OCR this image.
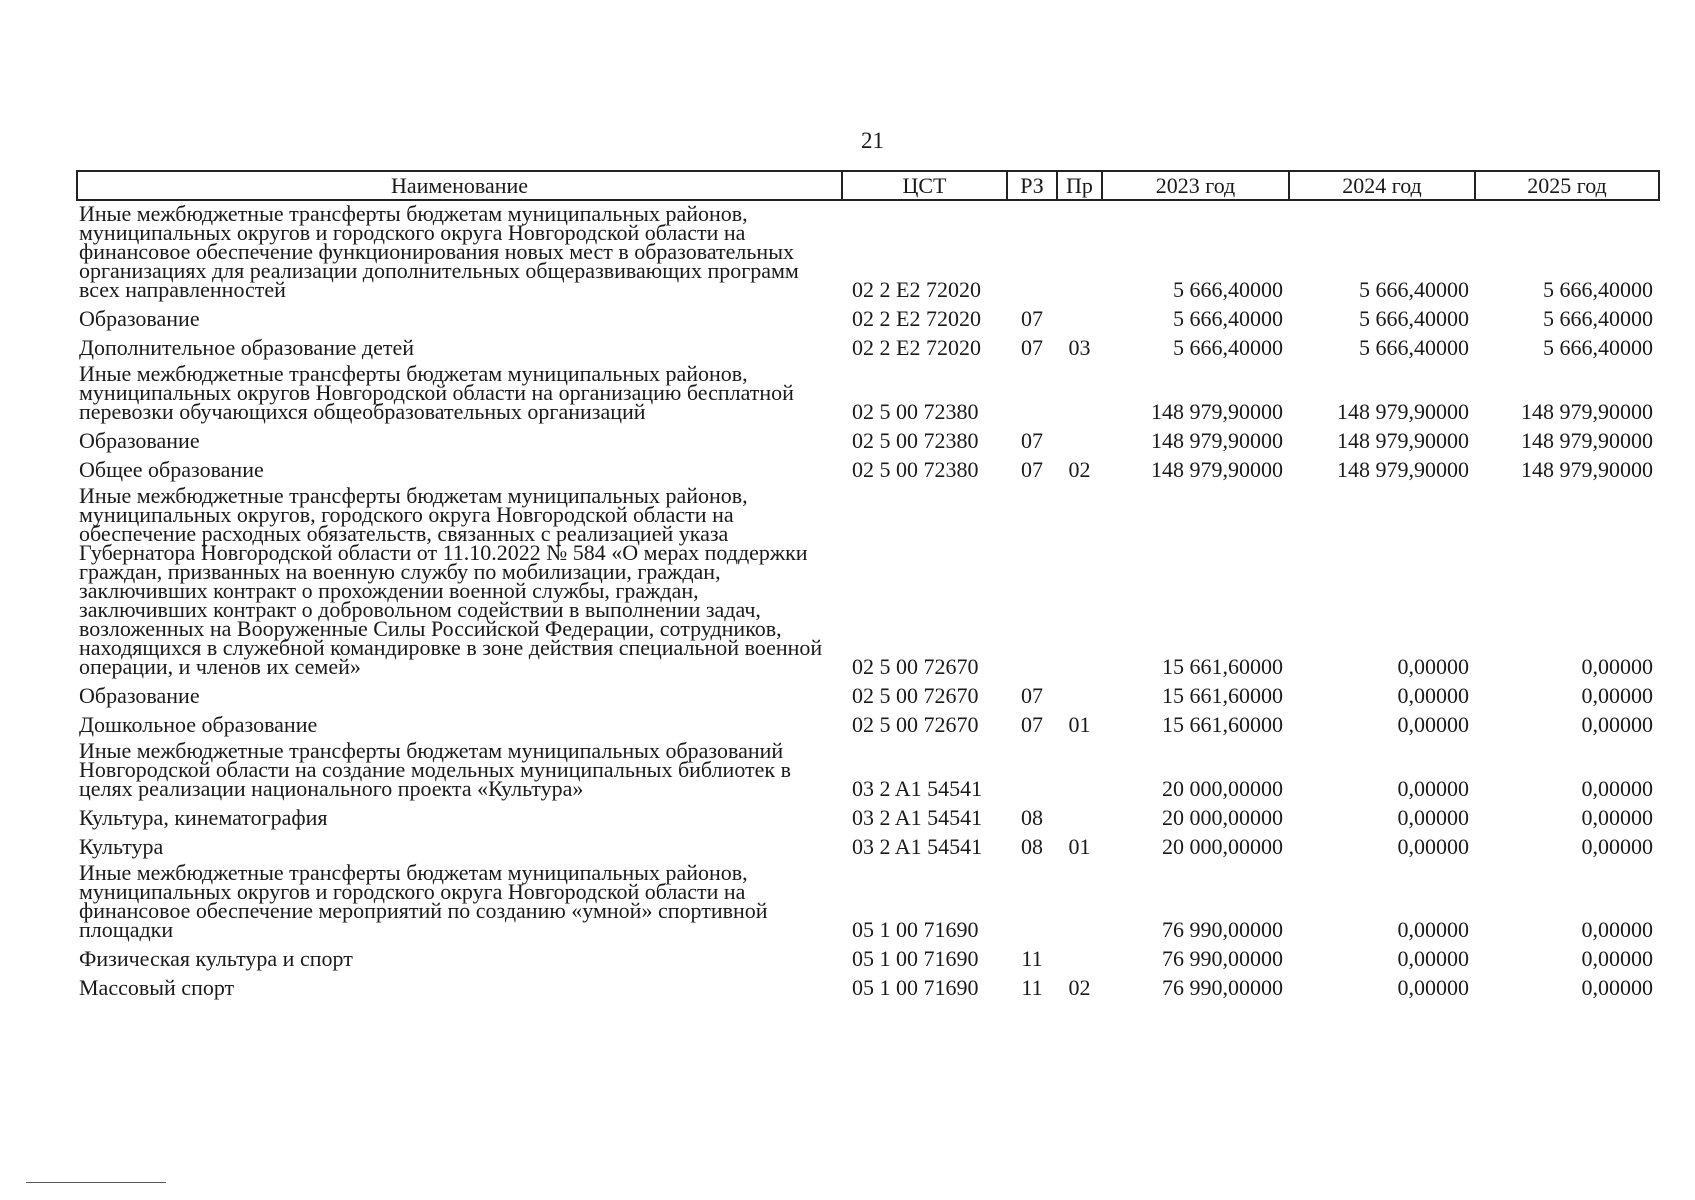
21
Наименование	ЦСТ	РЗ	Пр	2023 год	2024 год	2025 год
Иные межбюджетные трансферты бюджетам муниципальных районов, муниципальных округов и городского округа Новгородской области на финансовое обеспечение функционирования новых мест в образовательных организациях для реализации дополнительных общеразвивающих программ всех направленностей	02 2 E2 72020			5 666,40000	5 666,40000	5 666,40000
Образование	02 2 E2 72020	07		5 666,40000	5 666,40000	5 666,40000
Дополнительное образование детей	02 2 E2 72020	07	03	5 666,40000	5 666,40000	5 666,40000
Иные межбюджетные трансферты бюджетам муниципальных районов, муниципальных округов Новгородской области на организацию бесплатной перевозки обучающихся общеобразовательных организаций	02 5 00 72380			148 979,90000	148 979,90000	148 979,90000
Образование	02 5 00 72380	07		148 979,90000	148 979,90000	148 979,90000
Общее образование	02 5 00 72380	07	02	148 979,90000	148 979,90000	148 979,90000
Иные межбюджетные трансферты бюджетам муниципальных районов, муниципальных округов, городского округа Новгородской области на обеспечение расходных обязательств, связанных с реализацией указа Губернатора Новгородской области от 11.10.2022 № 584 «О мерах поддержки граждан, призванных на военную службу по мобилизации, граждан, заключивших контракт о прохождении военной службы, граждан, заключивших контракт о добровольном содействии в выполнении задач, возложенных на Вооруженные Силы Российской Федерации, сотрудников, находящихся в служебной командировке в зоне действия специальной военной операции, и членов их семей»	02 5 00 72670			15 661,60000	0,00000	0,00000
Образование	02 5 00 72670	07		15 661,60000	0,00000	0,00000
Дошкольное образование	02 5 00 72670	07	01	15 661,60000	0,00000	0,00000
Иные межбюджетные трансферты бюджетам муниципальных образований Новгородской области на создание модельных муниципальных библиотек в целях реализации национального проекта «Культура»	03 2 A1 54541			20 000,00000	0,00000	0,00000
Культура, кинематография	03 2 A1 54541	08		20 000,00000	0,00000	0,00000
Культура	03 2 A1 54541	08	01	20 000,00000	0,00000	0,00000
Иные межбюджетные трансферты бюджетам муниципальных районов, муниципальных округов и городского округа Новгородской области на финансовое обеспечение мероприятий по созданию «умной» спортивной площадки	05 1 00 71690			76 990,00000	0,00000	0,00000
Физическая культура и спорт	05 1 00 71690	11		76 990,00000	0,00000	0,00000
Массовый спорт	05 1 00 71690	11	02	76 990,00000	0,00000	0,00000
